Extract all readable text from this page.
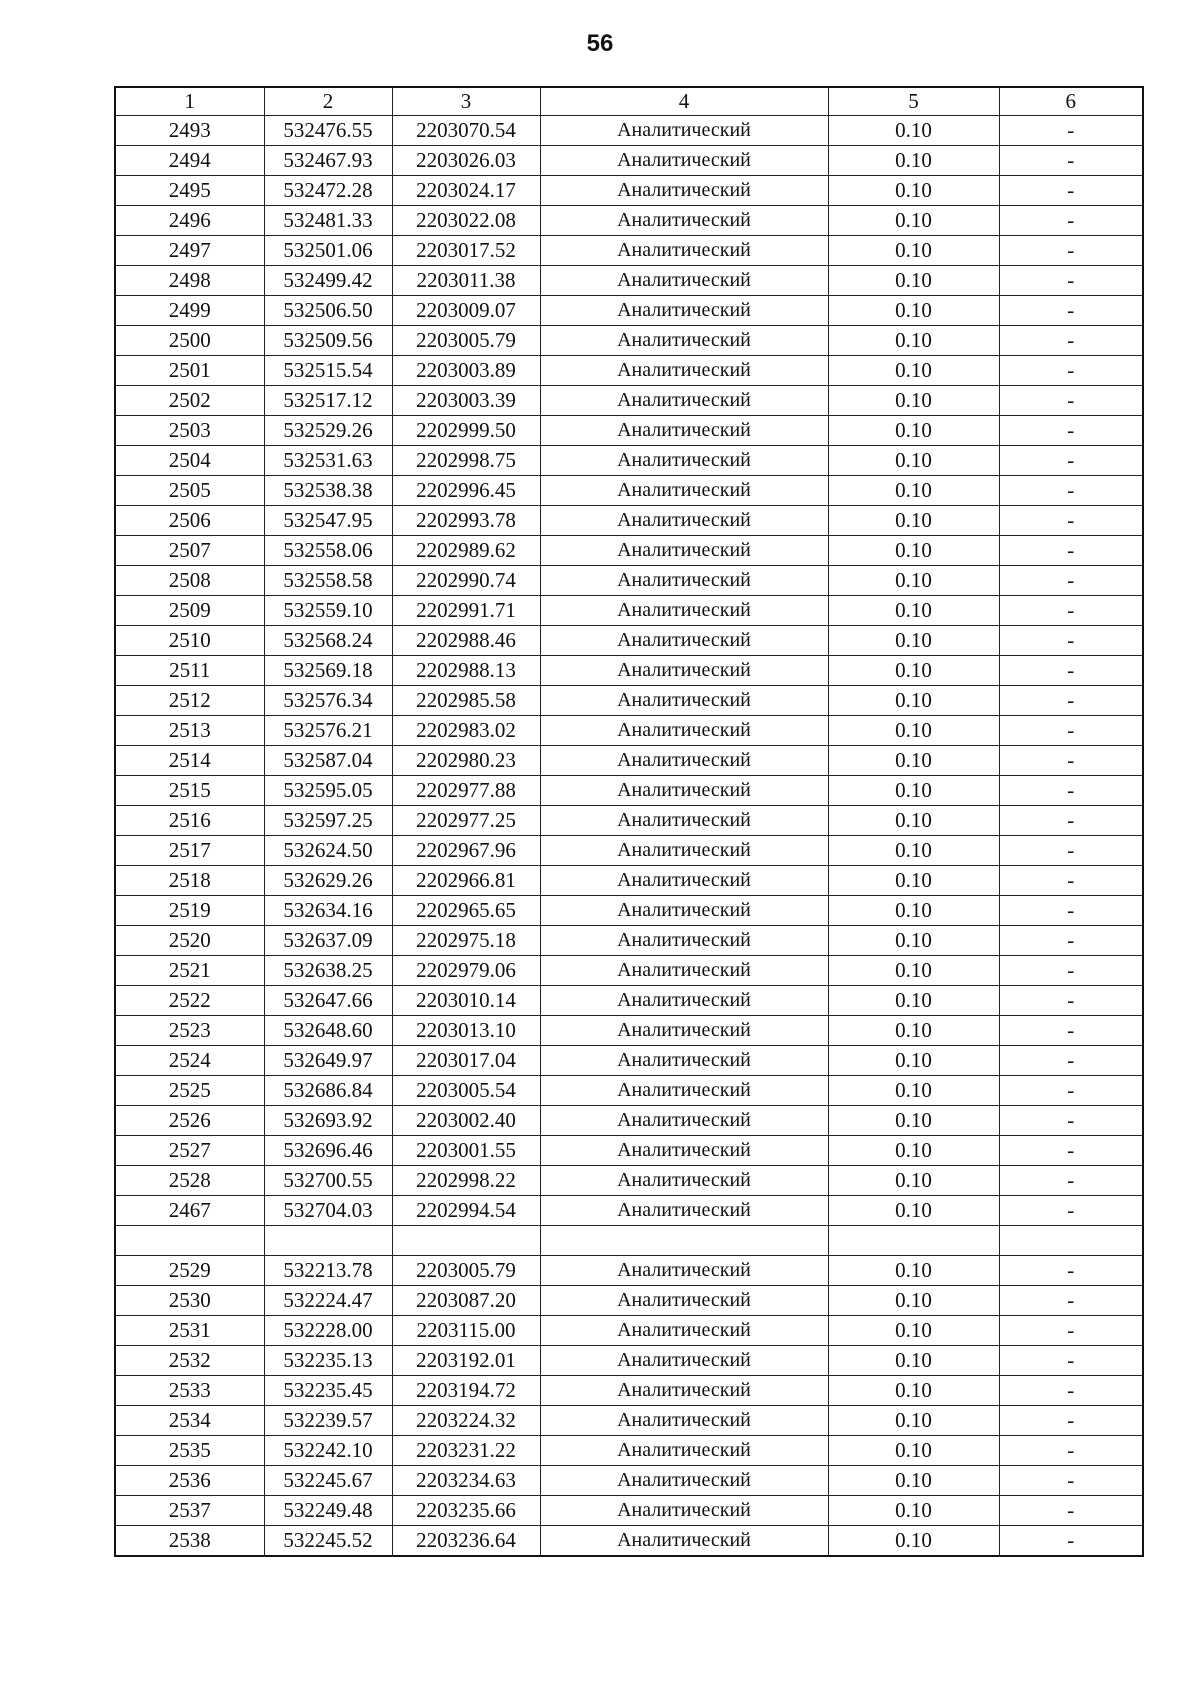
56
1	2	3	4	5	6
2493	532476.55	2203070.54	Аналитический	0.10	-
2494	532467.93	2203026.03	Аналитический	0.10	-
2495	532472.28	2203024.17	Аналитический	0.10	-
2496	532481.33	2203022.08	Аналитический	0.10	-
2497	532501.06	2203017.52	Аналитический	0.10	-
2498	532499.42	2203011.38	Аналитический	0.10	-
2499	532506.50	2203009.07	Аналитический	0.10	-
2500	532509.56	2203005.79	Аналитический	0.10	-
2501	532515.54	2203003.89	Аналитический	0.10	-
2502	532517.12	2203003.39	Аналитический	0.10	-
2503	532529.26	2202999.50	Аналитический	0.10	-
2504	532531.63	2202998.75	Аналитический	0.10	-
2505	532538.38	2202996.45	Аналитический	0.10	-
2506	532547.95	2202993.78	Аналитический	0.10	-
2507	532558.06	2202989.62	Аналитический	0.10	-
2508	532558.58	2202990.74	Аналитический	0.10	-
2509	532559.10	2202991.71	Аналитический	0.10	-
2510	532568.24	2202988.46	Аналитический	0.10	-
2511	532569.18	2202988.13	Аналитический	0.10	-
2512	532576.34	2202985.58	Аналитический	0.10	-
2513	532576.21	2202983.02	Аналитический	0.10	-
2514	532587.04	2202980.23	Аналитический	0.10	-
2515	532595.05	2202977.88	Аналитический	0.10	-
2516	532597.25	2202977.25	Аналитический	0.10	-
2517	532624.50	2202967.96	Аналитический	0.10	-
2518	532629.26	2202966.81	Аналитический	0.10	-
2519	532634.16	2202965.65	Аналитический	0.10	-
2520	532637.09	2202975.18	Аналитический	0.10	-
2521	532638.25	2202979.06	Аналитический	0.10	-
2522	532647.66	2203010.14	Аналитический	0.10	-
2523	532648.60	2203013.10	Аналитический	0.10	-
2524	532649.97	2203017.04	Аналитический	0.10	-
2525	532686.84	2203005.54	Аналитический	0.10	-
2526	532693.92	2203002.40	Аналитический	0.10	-
2527	532696.46	2203001.55	Аналитический	0.10	-
2528	532700.55	2202998.22	Аналитический	0.10	-
2467	532704.03	2202994.54	Аналитический	0.10	-

2529	532213.78	2203005.79	Аналитический	0.10	-
2530	532224.47	2203087.20	Аналитический	0.10	-
2531	532228.00	2203115.00	Аналитический	0.10	-
2532	532235.13	2203192.01	Аналитический	0.10	-
2533	532235.45	2203194.72	Аналитический	0.10	-
2534	532239.57	2203224.32	Аналитический	0.10	-
2535	532242.10	2203231.22	Аналитический	0.10	-
2536	532245.67	2203234.63	Аналитический	0.10	-
2537	532249.48	2203235.66	Аналитический	0.10	-
2538	532245.52	2203236.64	Аналитический	0.10	-
